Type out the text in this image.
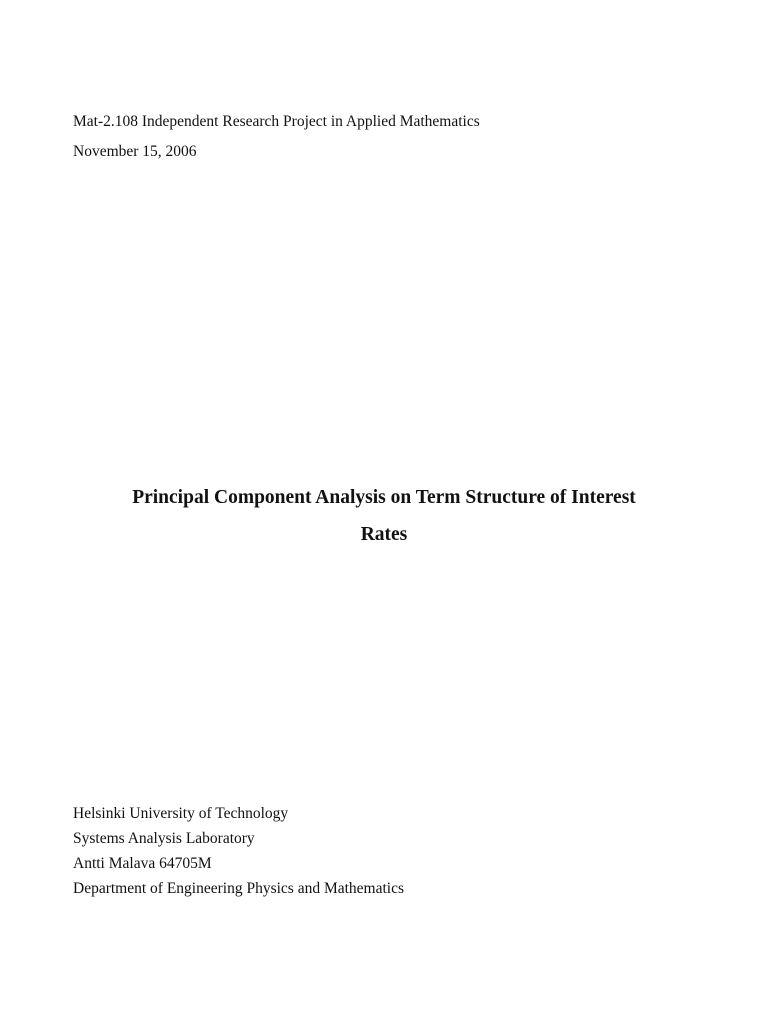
Mat-2.108 Independent Research Project in Applied Mathematics
November 15, 2006
Principal Component Analysis on Term Structure of Interest
Rates
Helsinki University of Technology
Systems Analysis Laboratory
Antti Malava 64705M
Department of Engineering Physics and Mathematics
